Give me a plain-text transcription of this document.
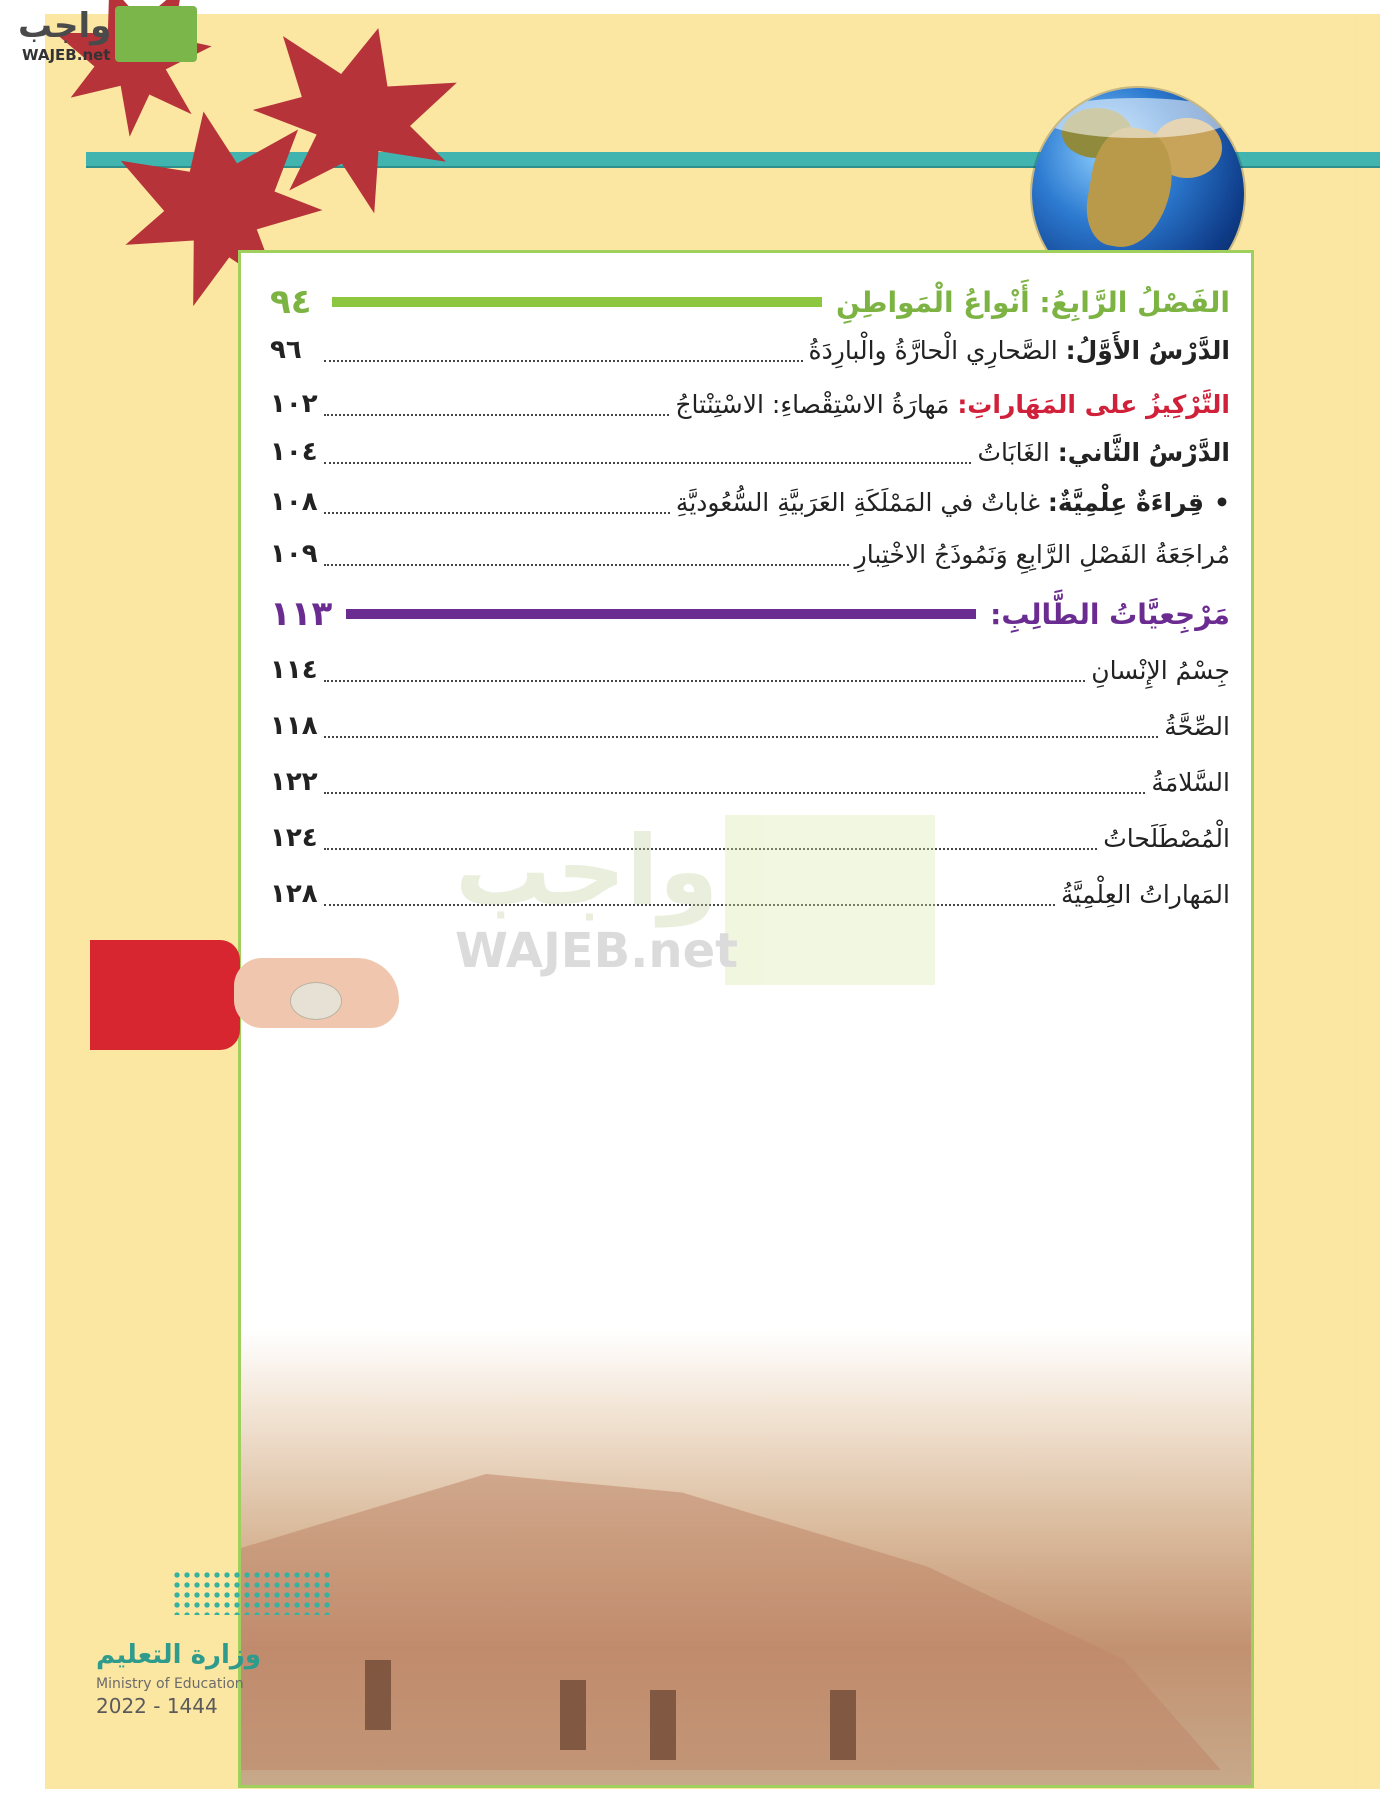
واجب
WAJEB.net
الفَصْلُ الرَّابِعُ: أَنْواعُ الْمَواطِنِ
٩٤
الدَّرْسُ الأَوَّلُ: الصَّحارِي الْحارَّةُ والْبارِدَةُ
٩٦
التَّرْكِيزُ على المَهَاراتِ: مَهارَةُ الاسْتِقْصاءِ: الاسْتِنْتاجُ
١٠٢
الدَّرْسُ الثَّاني: الغَابَاتُ
١٠٤
•قِراءَةٌ عِلْمِيَّةٌ: غاباتٌ في المَمْلَكَةِ العَرَبيَّةِ السُّعُوديَّةِ
١٠٨
مُراجَعَةُ الفَصْلِ الرَّابِعِ وَنَمُوذَجُ الاخْتِبارِ
١٠٩
مَرْجِعيَّاتُ الطَّالِبِ:
١١٣
جِسْمُ الإِنْسانِ
١١٤
الصِّحَّةُ
١١٨
السَّلامَةُ
١٢٢
الْمُصْطَلَحاتُ
١٢٤
المَهاراتُ العِلْمِيَّةُ
١٢٨ واجب
WAJEB.net
وزارة التعليم
Ministry of Education
2022 - 1444
